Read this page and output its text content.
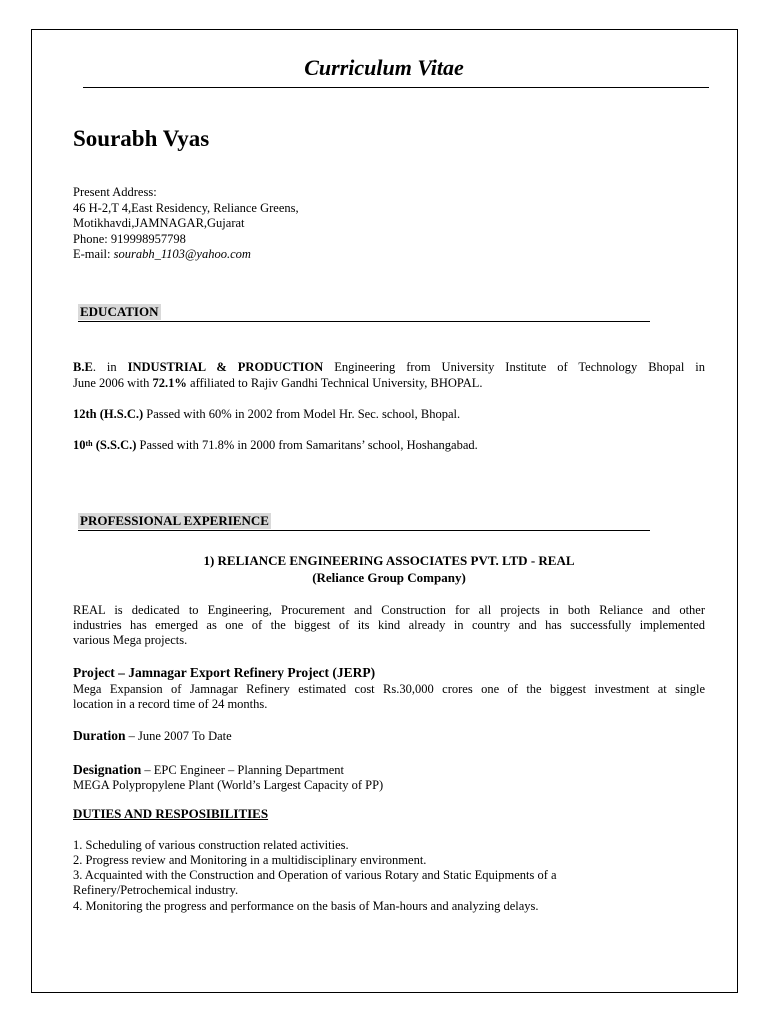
Curriculum Vitae
Sourabh Vyas
Present Address:
46 H-2,T 4,East Residency, Reliance Greens,
Motikhavdi,JAMNAGAR,Gujarat
Phone: 919998957798
E-mail: sourabh_1103@yahoo.com
EDUCATION
B.E. in INDUSTRIAL & PRODUCTION Engineering from University Institute of Technology Bhopal in
June 2006 with 72.1% affiliated to Rajiv Gandhi Technical University, BHOPAL.
12th (H.S.C.) Passed with 60% in 2002 from Model Hr. Sec. school, Bhopal.
10th (S.S.C.) Passed with 71.8% in 2000 from Samaritans’ school, Hoshangabad.
PROFESSIONAL EXPERIENCE
1) RELIANCE ENGINEERING ASSOCIATES PVT. LTD - REAL
(Reliance Group Company)
REAL is dedicated to Engineering, Procurement and Construction for all projects in both Reliance and other
industries has emerged as one of the biggest of its kind already in country and has successfully implemented
various Mega projects.
Project – Jamnagar Export Refinery Project (JERP)
Mega Expansion of Jamnagar Refinery estimated cost Rs.30,000 crores one of the biggest investment at single
location in a record time of 24 months.
Duration – June 2007 To Date
Designation – EPC Engineer – Planning Department
MEGA Polypropylene Plant (World’s Largest Capacity of PP)
DUTIES AND RESPOSIBILITIES
1. Scheduling of various construction related activities.
2. Progress review and Monitoring in a multidisciplinary environment.
3. Acquainted with the Construction and Operation of various Rotary and Static Equipments of a
Refinery/Petrochemical industry.
4. Monitoring the progress and performance on the basis of Man-hours and analyzing delays.
